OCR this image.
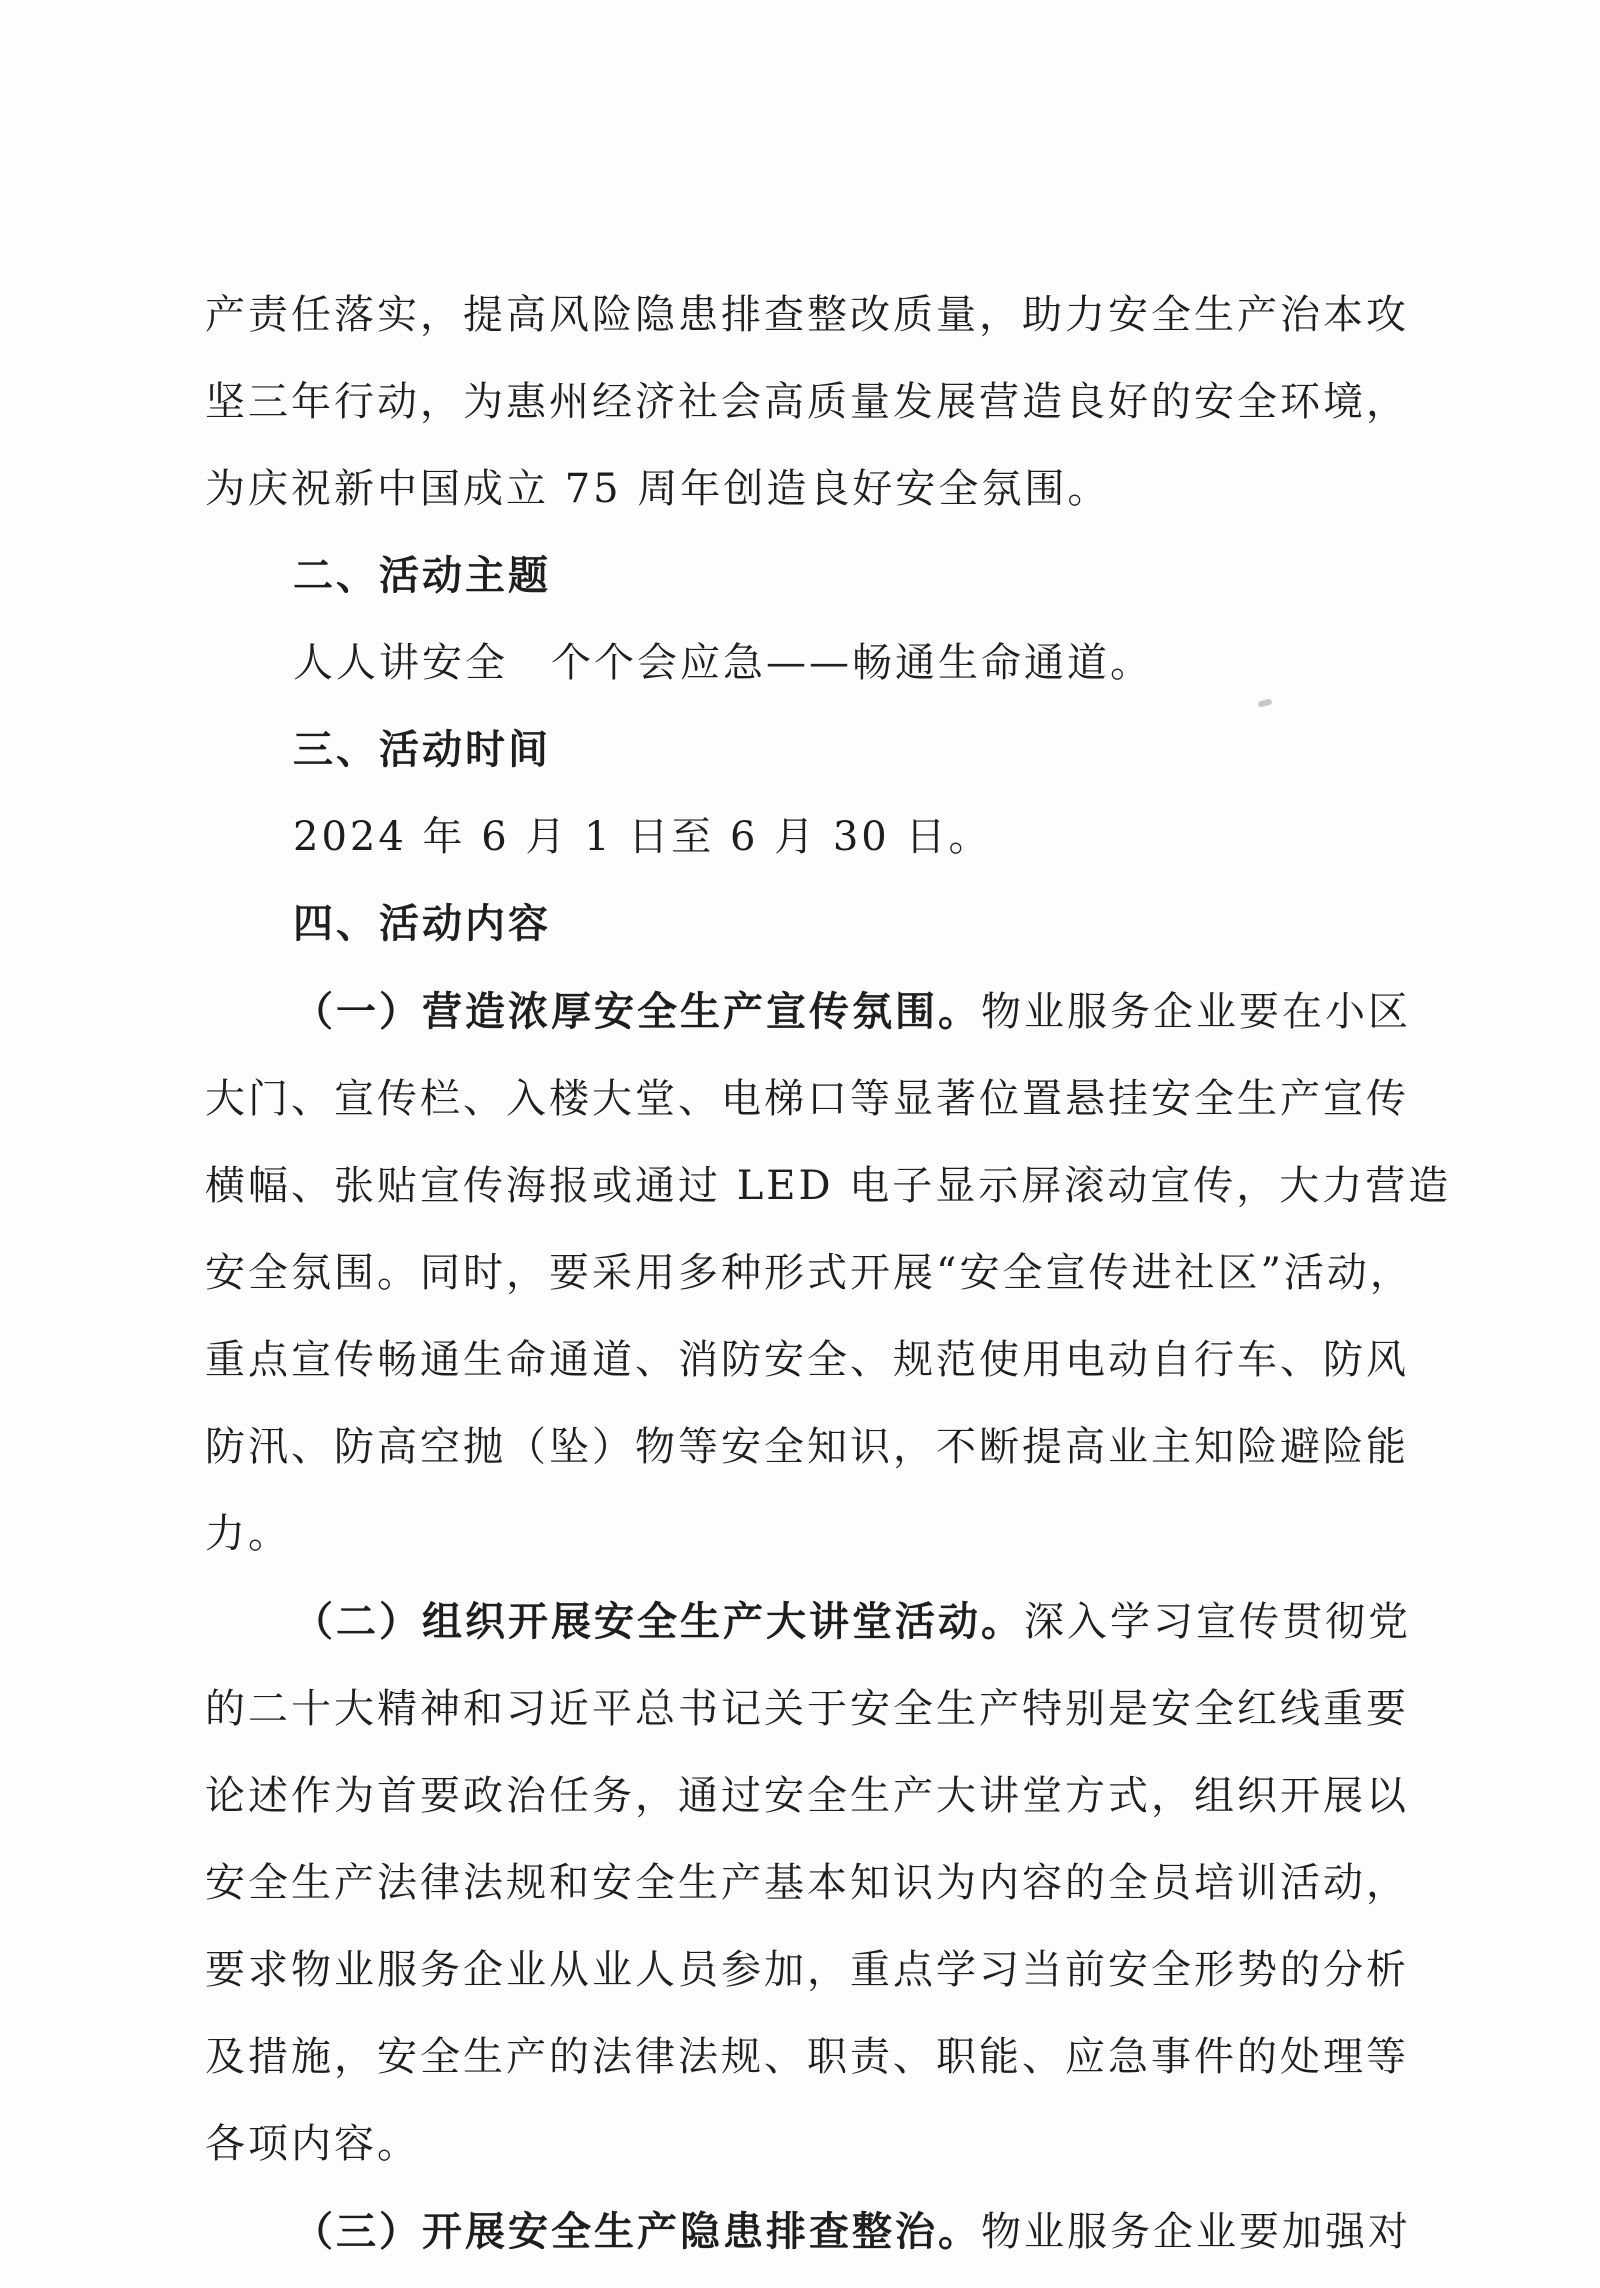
产责任落实，提高风险隐患排查整改质量，助力安全生产治本攻
坚三年行动，为惠州经济社会高质量发展营造良好的安全环境，
为庆祝新中国成立 75 周年创造良好安全氛围。

二、活动主题

人人讲安全　个个会应急——畅通生命通道。

三、活动时间

2024 年 6 月 1 日至 6 月 30 日。

四、活动内容

（一）营造浓厚安全生产宣传氛围。物业服务企业要在小区
大门、宣传栏、入楼大堂、电梯口等显著位置悬挂安全生产宣传
横幅、张贴宣传海报或通过 LED 电子显示屏滚动宣传，大力营造
安全氛围。同时，要采用多种形式开展“安全宣传进社区”活动，
重点宣传畅通生命通道、消防安全、规范使用电动自行车、防风
防汛、防高空抛（坠）物等安全知识，不断提高业主知险避险能
力。

（二）组织开展安全生产大讲堂活动。深入学习宣传贯彻党
的二十大精神和习近平总书记关于安全生产特别是安全红线重要
论述作为首要政治任务，通过安全生产大讲堂方式，组织开展以
安全生产法律法规和安全生产基本知识为内容的全员培训活动，
要求物业服务企业从业人员参加，重点学习当前安全形势的分析
及措施，安全生产的法律法规、职责、职能、应急事件的处理等
各项内容。

（三）开展安全生产隐患排查整治。物业服务企业要加强对
